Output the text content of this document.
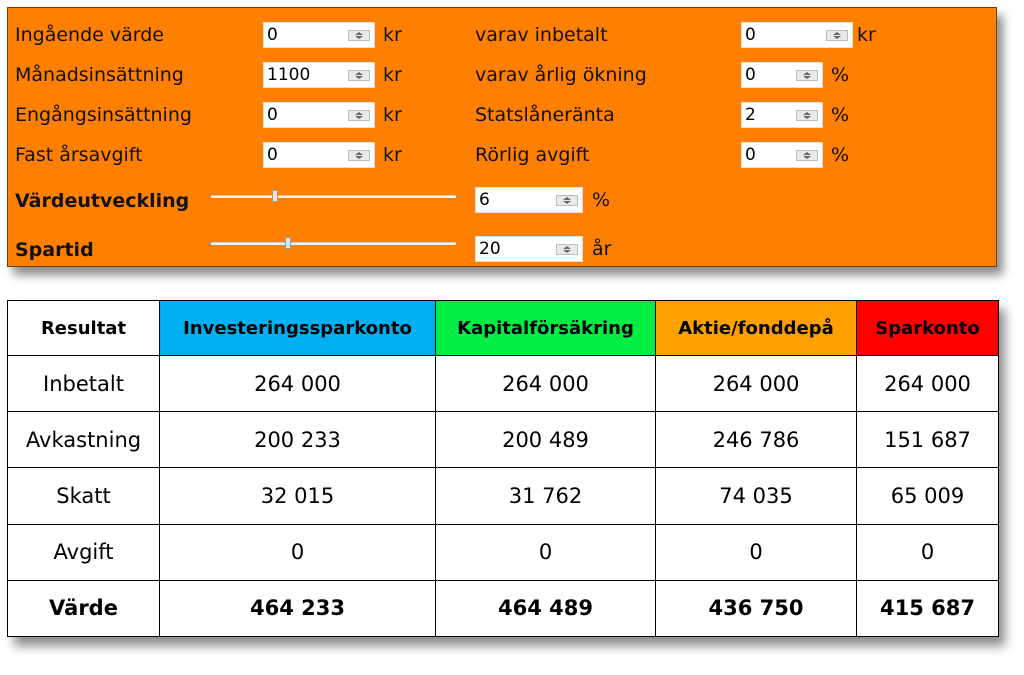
Ingående värde	0	kr
Månadsinsättning	1100	kr
Engångsinsättning	0	kr
Fast årsavgift	0	kr
varav inbetalt	0	kr
varav årlig ökning	0	%
Statslåneränta	2	%
Rörlig avgift	0	%
Värdeutveckling	6	%
Spartid	20	år
Resultat	Investeringssparkonto	Kapitalförsäkring	Aktie/fonddepå	Sparkonto
Inbetalt	264 000	264 000	264 000	264 000
Avkastning	200 233	200 489	246 786	151 687
Skatt	32 015	31 762	74 035	65 009
Avgift	0	0	0	0
Värde	464 233	464 489	436 750	415 687
